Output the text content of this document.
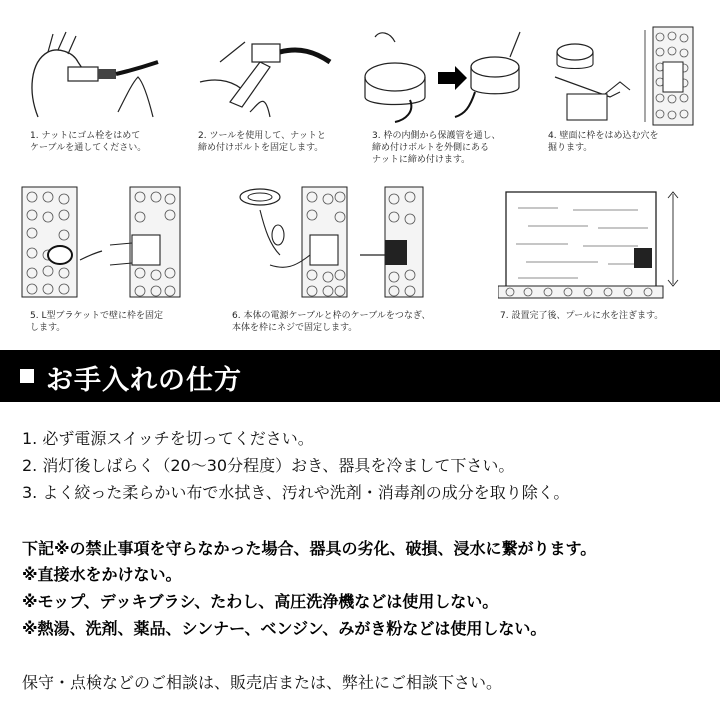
1. ナットにゴム栓をはめて
ケーブルを通してください。
2. ツールを使用して、ナットと
締め付けボルトを固定します。
3. 枠の内側から保護管を通し、
締め付けボルトを外側にある
ナットに締め付けます。
4. 壁面に枠をはめ込む穴を
掘ります。
5. L型ブラケットで壁に枠を固定
します。
6. 本体の電源ケーブルと枠のケーブルをつなぎ、
本体を枠にネジで固定します。
7. 設置完了後、プールに水を注ぎます。
お手入れの仕方
1. 必ず電源スイッチを切ってください。
2. 消灯後しばらく（20～30分程度）おき、器具を冷まして下さい。
3. よく絞った柔らかい布で水拭き、汚れや洗剤・消毒剤の成分を取り除く。
下記※の禁止事項を守らなかった場合、器具の劣化、破損、浸水に繋がります。
※直接水をかけない。
※モップ、デッキブラシ、たわし、高圧洗浄機などは使用しない。
※熱湯、洗剤、薬品、シンナー、ベンジン、みがき粉などは使用しない。
保守・点検などのご相談は、販売店または、弊社にご相談下さい。
